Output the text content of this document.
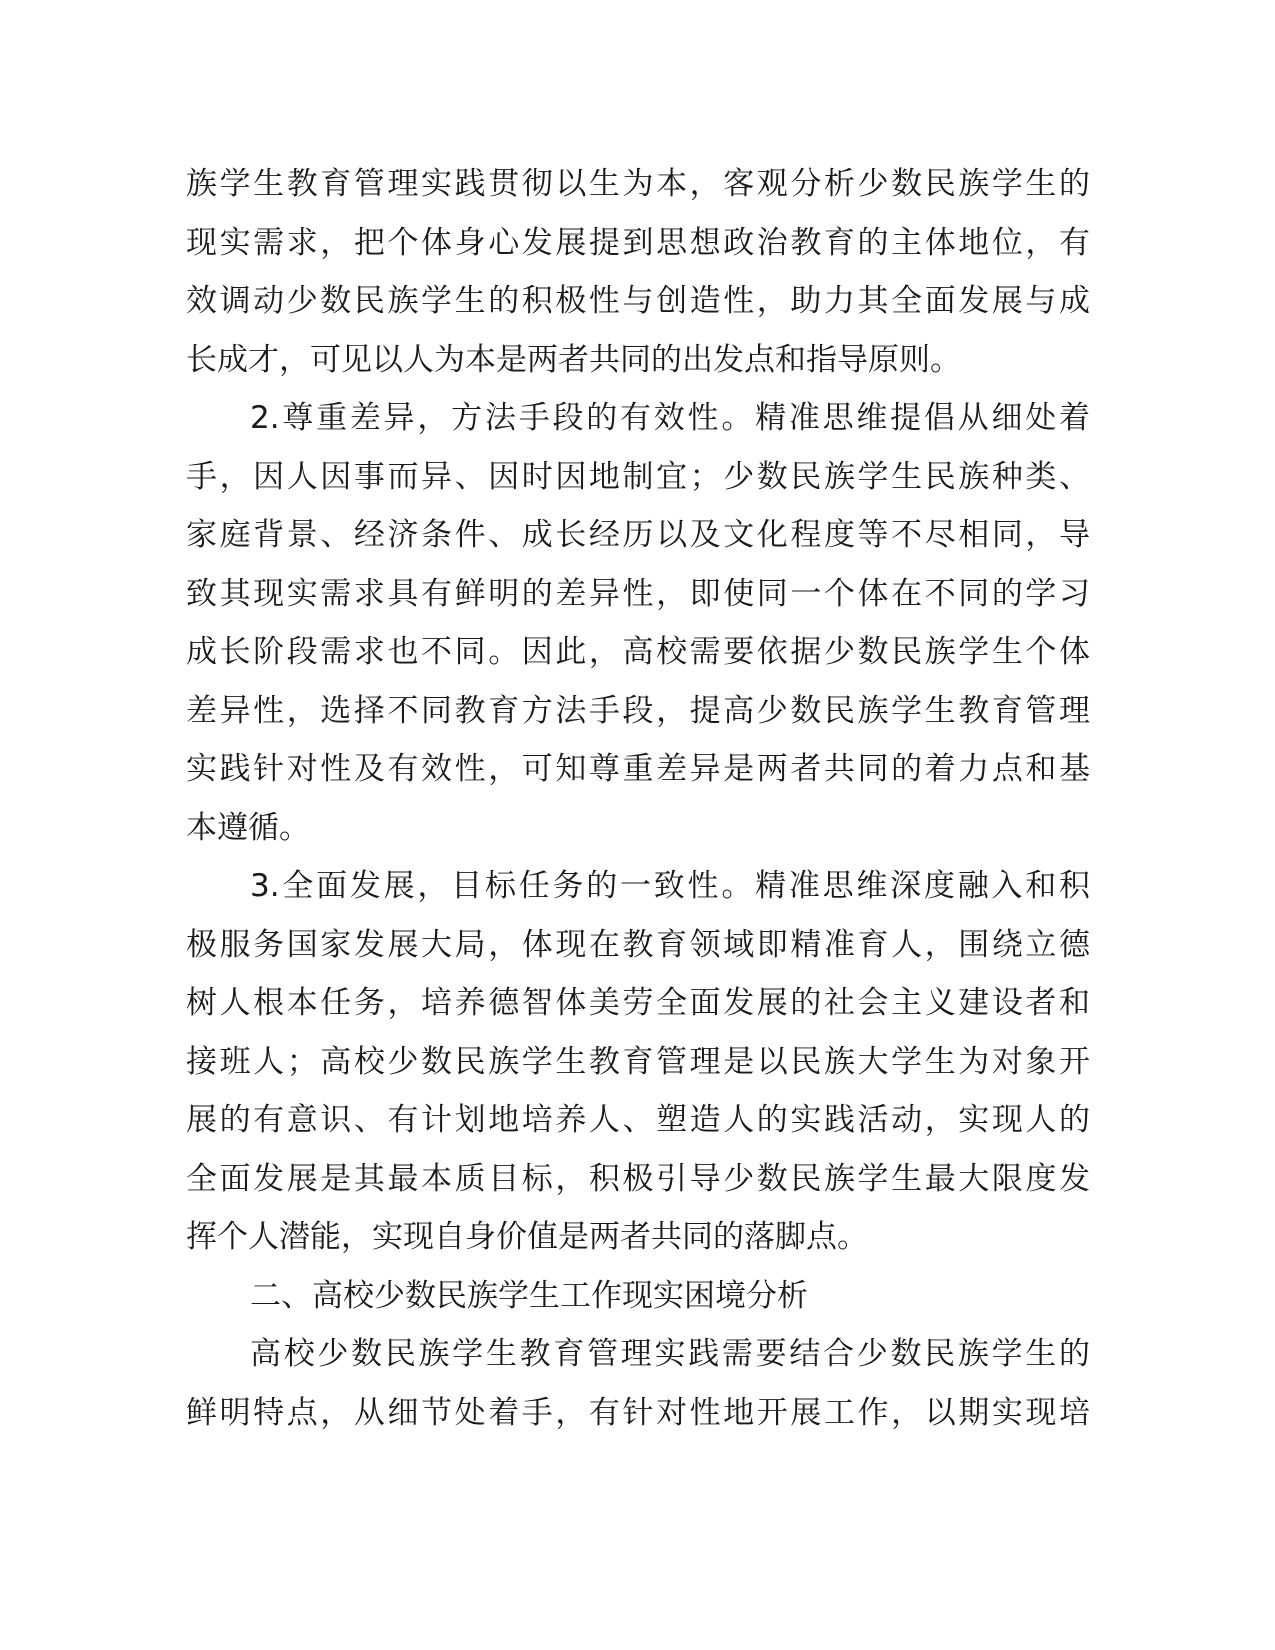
族学生教育管理实践贯彻以生为本，客观分析少数民族学生的
现实需求，把个体身心发展提到思想政治教育的主体地位，有
效调动少数民族学生的积极性与创造性，助力其全面发展与成
长成才，可见以人为本是两者共同的出发点和指导原则。
2.尊重差异，方法手段的有效性。精准思维提倡从细处着
手，因人因事而异、因时因地制宜；少数民族学生民族种类、
家庭背景、经济条件、成长经历以及文化程度等不尽相同，导
致其现实需求具有鲜明的差异性，即使同一个体在不同的学习
成长阶段需求也不同。因此，高校需要依据少数民族学生个体
差异性，选择不同教育方法手段，提高少数民族学生教育管理
实践针对性及有效性，可知尊重差异是两者共同的着力点和基
本遵循。
3.全面发展，目标任务的一致性。精准思维深度融入和积
极服务国家发展大局，体现在教育领域即精准育人，围绕立德
树人根本任务，培养德智体美劳全面发展的社会主义建设者和
接班人；高校少数民族学生教育管理是以民族大学生为对象开
展的有意识、有计划地培养人、塑造人的实践活动，实现人的
全面发展是其最本质目标，积极引导少数民族学生最大限度发
挥个人潜能，实现自身价值是两者共同的落脚点。
二、高校少数民族学生工作现实困境分析
高校少数民族学生教育管理实践需要结合少数民族学生的
鲜明特点，从细节处着手，有针对性地开展工作，以期实现培
